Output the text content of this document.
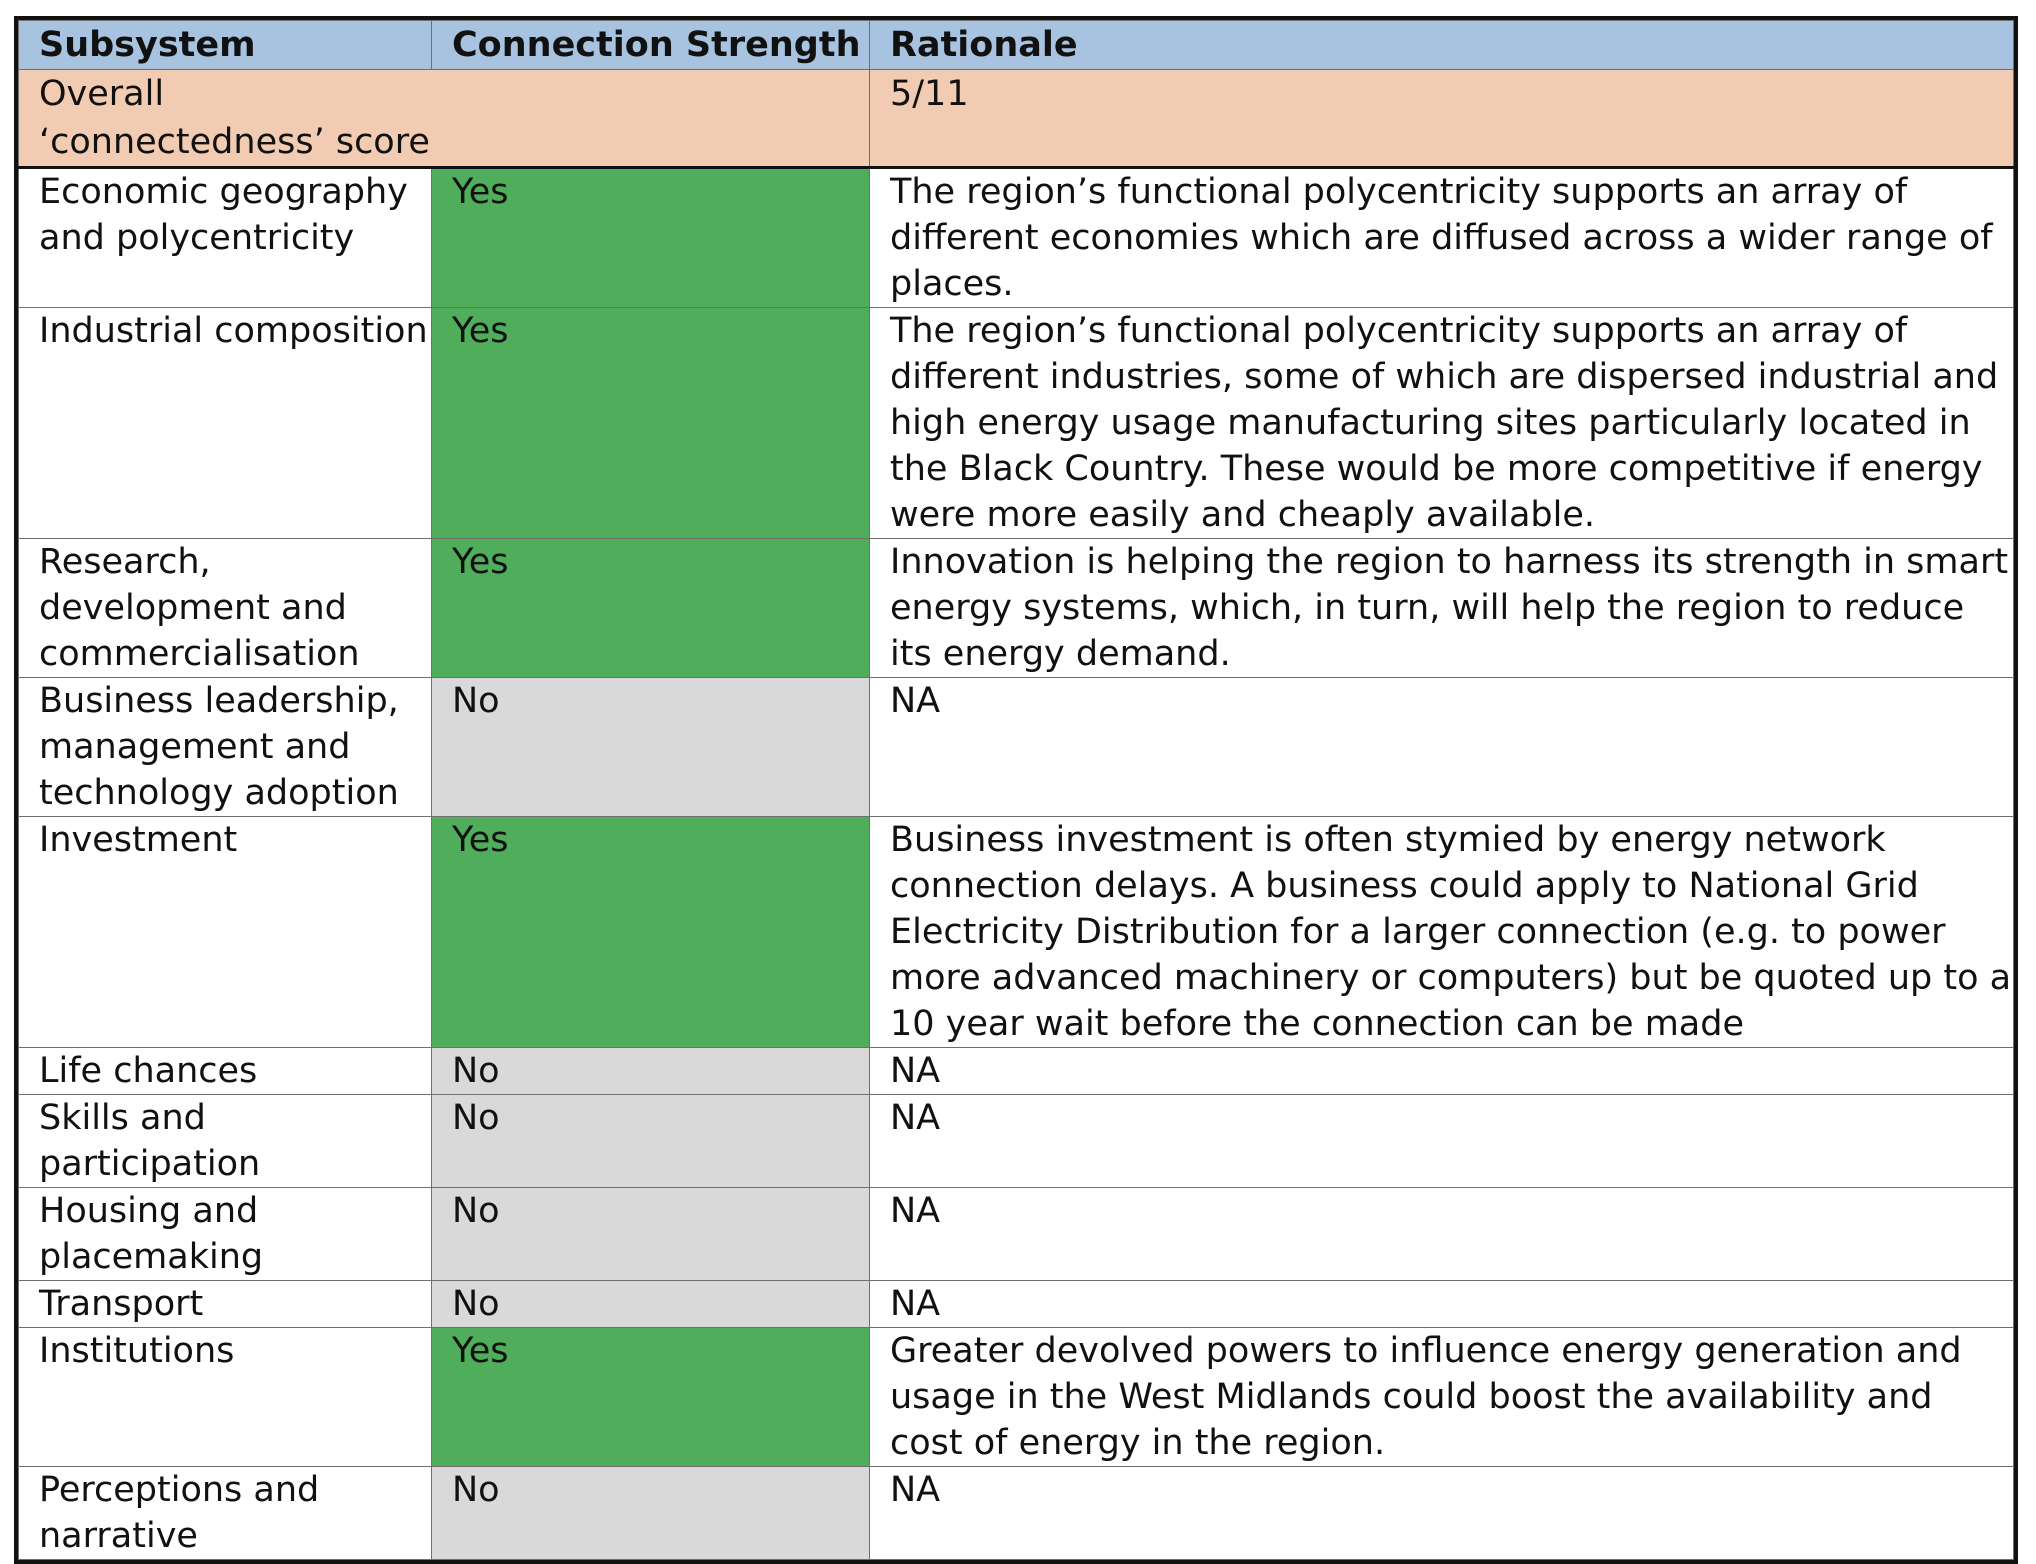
Subsystem	Connection Strength	Rationale
Overall ‘connectedness’ score		5/11
Economic geography and polycentricity	Yes	The region’s functional polycentricity supports an array of different economies which are diffused across a wider range of places.
Industrial composition	Yes	The region’s functional polycentricity supports an array of different industries, some of which are dispersed industrial and high energy usage manufacturing sites particularly located in the Black Country. These would be more competitive if energy were more easily and cheaply available.
Research, development and commercialisation	Yes	Innovation is helping the region to harness its strength in smart energy systems, which, in turn, will help the region to reduce its energy demand.
Business leadership, management and technology adoption	No	NA
Investment	Yes	Business investment is often stymied by energy network connection delays. A business could apply to National Grid Electricity Distribution for a larger connection (e.g. to power more advanced machinery or computers) but be quoted up to a 10 year wait before the connection can be made
Life chances	No	NA
Skills and participation	No	NA
Housing and placemaking	No	NA
Transport	No	NA
Institutions	Yes	Greater devolved powers to influence energy generation and usage in the West Midlands could boost the availability and cost of energy in the region.
Perceptions and narrative	No	NA
